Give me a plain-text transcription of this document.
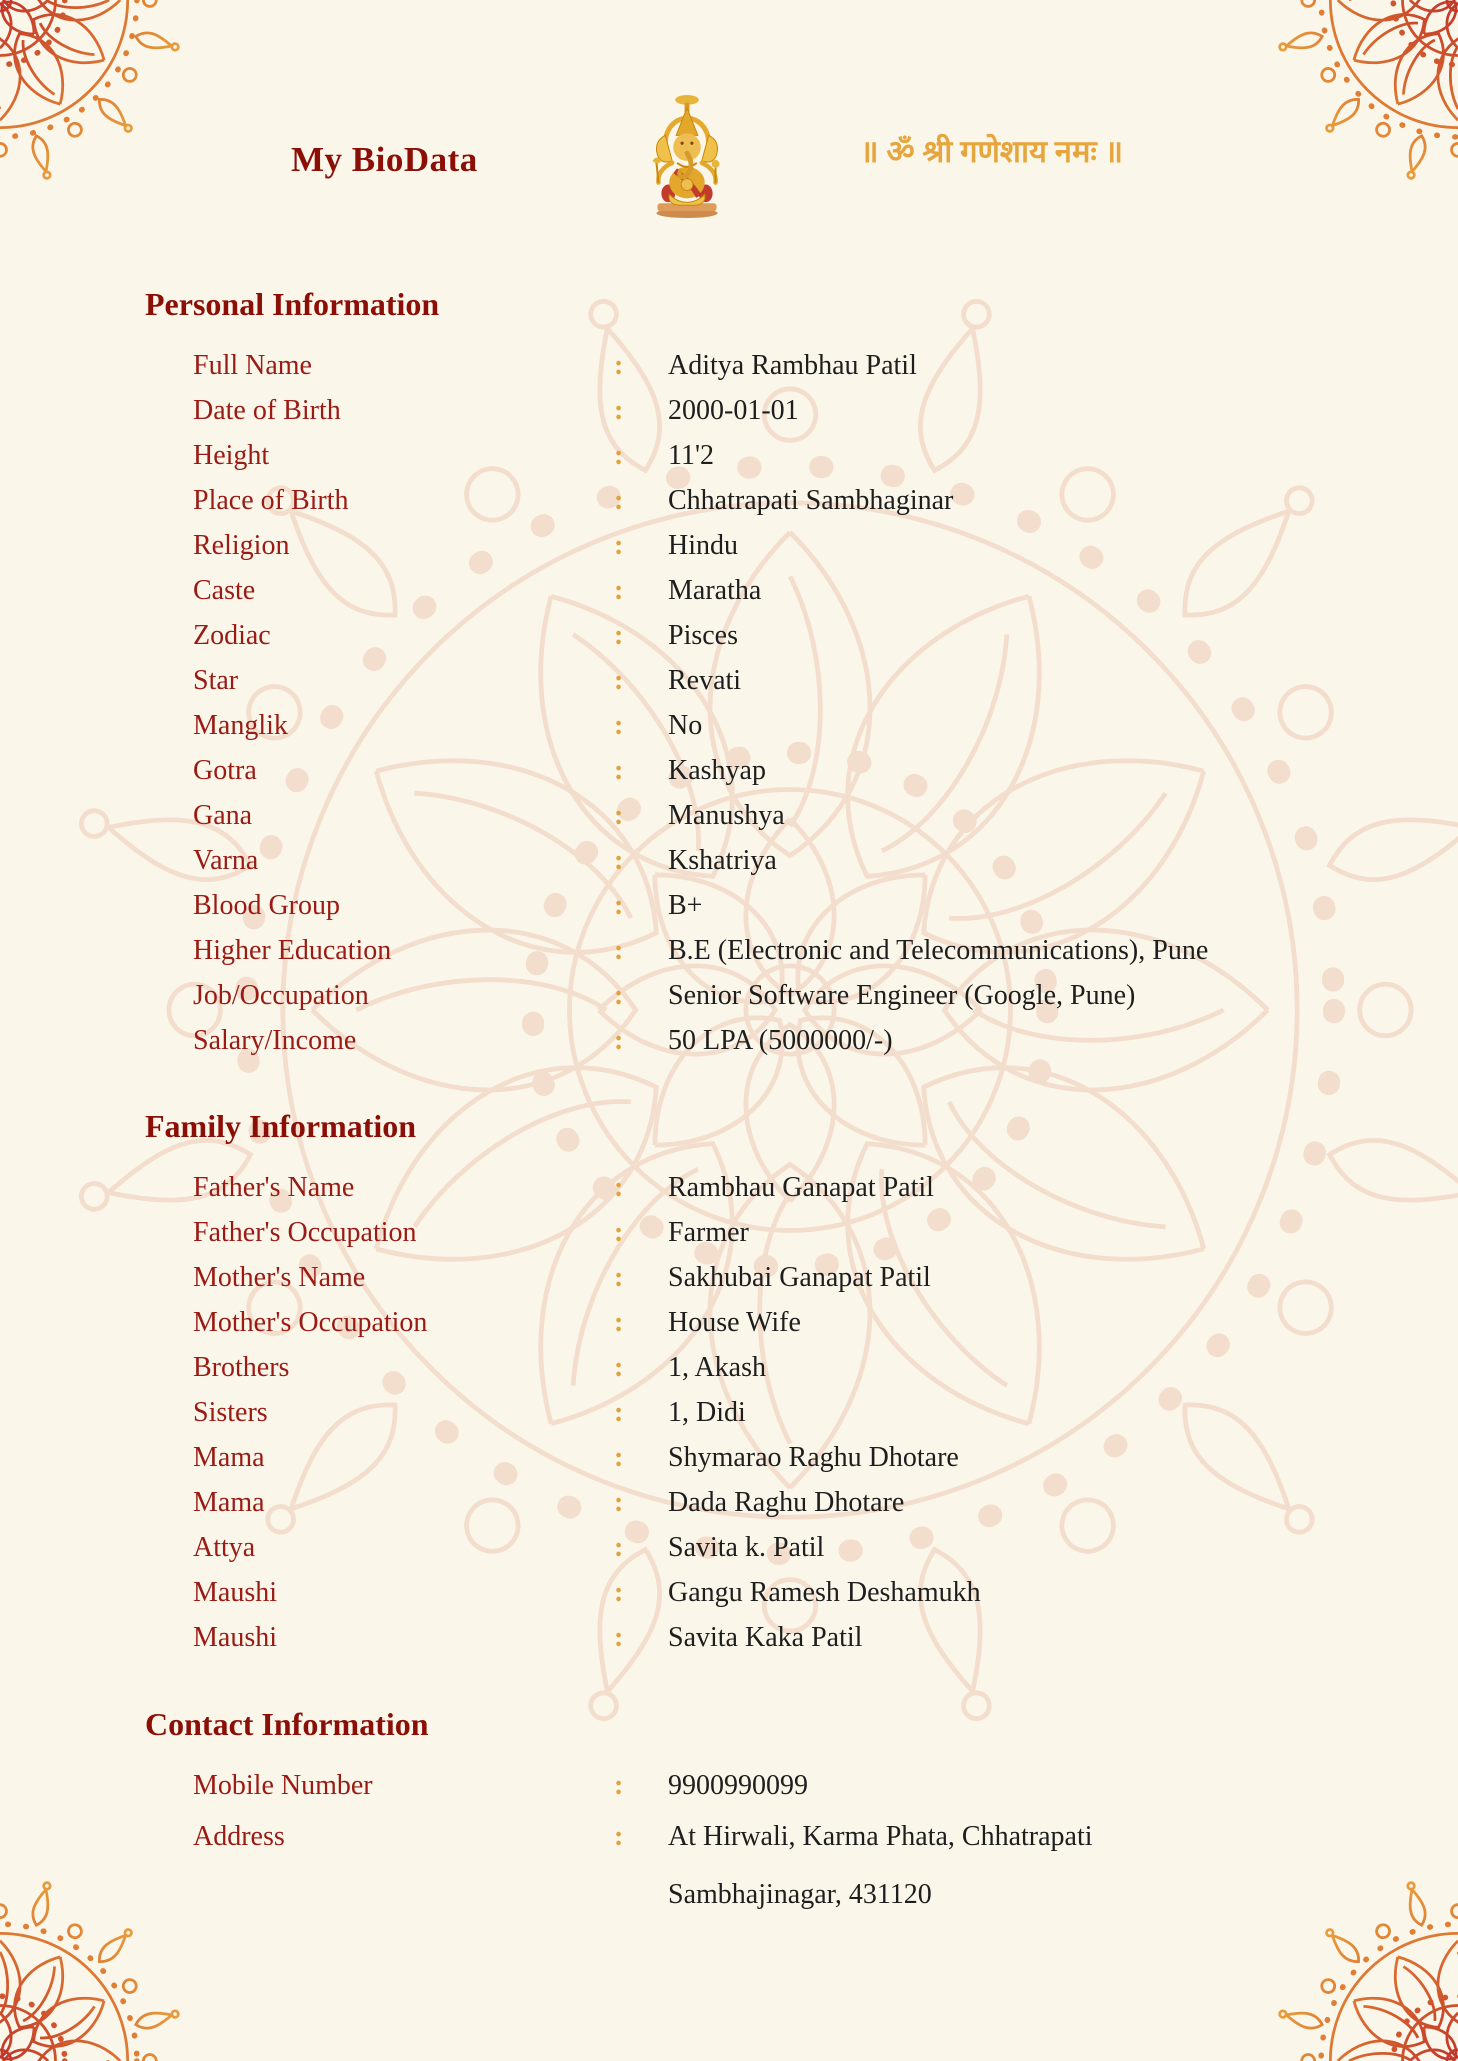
My BioData	॥ ॐ श्री गणेशाय नमः ॥
Personal Information
Full Name	:	Aditya Rambhau Patil
Date of Birth	:	2000-01-01
Height	:	11'2
Place of Birth	:	Chhatrapati Sambhaginar
Religion	:	Hindu
Caste	:	Maratha
Zodiac	:	Pisces
Star	:	Revati
Manglik	:	No
Gotra	:	Kashyap
Gana	:	Manushya
Varna	:	Kshatriya
Blood Group	:	B+
Higher Education	:	B.E (Electronic and Telecommunications), Pune
Job/Occupation	:	Senior Software Engineer (Google, Pune)
Salary/Income	:	50 LPA (5000000/-)
Family Information
Father's Name	:	Rambhau Ganapat Patil
Father's Occupation	:	Farmer
Mother's Name	:	Sakhubai Ganapat Patil
Mother's Occupation	:	House Wife
Brothers	:	1, Akash
Sisters	:	1, Didi
Mama	:	Shymarao Raghu Dhotare
Mama	:	Dada Raghu Dhotare
Attya	:	Savita k. Patil
Maushi	:	Gangu Ramesh Deshamukh
Maushi	:	Savita Kaka Patil
Contact Information
Mobile Number	:	9900990099
Address	:	At Hirwali, Karma Phata, Chhatrapati Sambhajinagar, 431120
